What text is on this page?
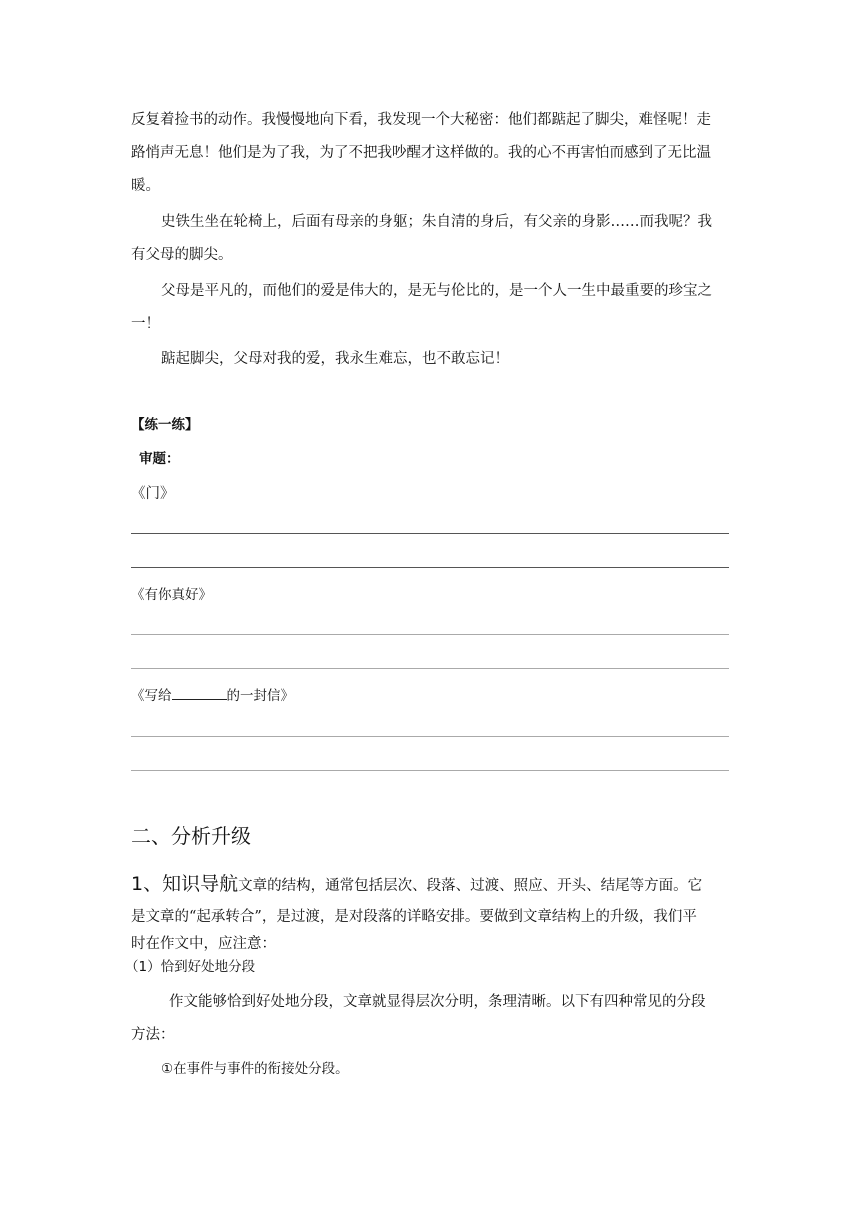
反复着捡书的动作。我慢慢地向下看，我发现一个大秘密：他们都踮起了脚尖，难怪呢！走
路悄声无息！他们是为了我，为了不把我吵醒才这样做的。我的心不再害怕而感到了无比温
暖。
史铁生坐在轮椅上，后面有母亲的身躯；朱自清的身后，有父亲的身影……而我呢？我
有父母的脚尖。
父母是平凡的，而他们的爱是伟大的，是无与伦比的，是一个人一生中最重要的珍宝之
一！
踮起脚尖，父母对我的爱，我永生难忘，也不敢忘记！
【练一练】
审题：
《门》
《有你真好》
《写给	的一封信》
二、分析升级
1、知识导航文章的结构，通常包括层次、段落、过渡、照应、开头、结尾等方面。它
是文章的“起承转合”，是过渡，是对段落的详略安排。要做到文章结构上的升级，我们平
时在作文中，应注意：
（1）恰到好处地分段
作文能够恰到好处地分段，文章就显得层次分明，条理清晰。以下有四种常见的分段
方法：
①在事件与事件的衔接处分段。
